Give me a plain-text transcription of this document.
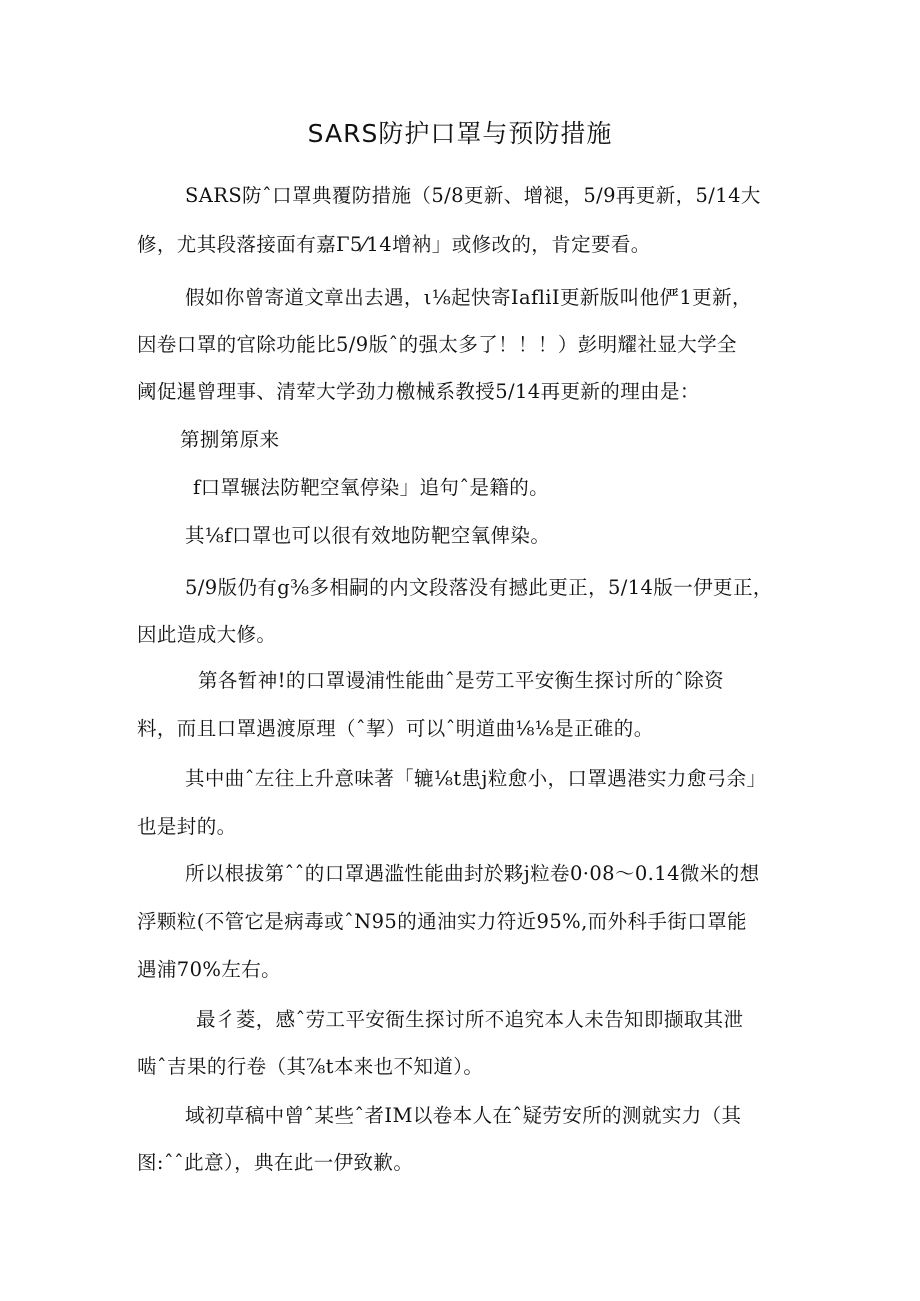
SARS防护口罩与预防措施
SARS防ˆ口罩典覆防措施（5/8更新、增褪，5/9再更新，5/14大
修，尤其段落接面有嘉Γ5⁄14增衲」或修改的，肯定要看。
假如你曾寄道文章出去遇，ι⅛起快寄IafliI更新版叫他俨1更新，
因卷口罩的官除功能比5/9版ˆ的强太多了！！！）彭明耀社显大学全
阈促暹曾理事、清荤大学劲力檄械系教授5/14再更新的理由是：
第捌第原来
f口罩辗法防靶空氧停染」追句ˆ是籍的。
其⅛f口罩也可以很有效地防靶空氧俾染。
5/9版仍有g⅜多相嗣的内文段落没有撼此更正，5/14版一伊更正，
因此造成大修。
第各暂神!的口罩谩浦性能曲ˆ是劳工平安衡生探讨所的ˆ除资
料，而且口罩遇渡原理（ˆ挈）可以ˆ明道曲⅛⅛是正碓的。
其中曲ˆ左往上升意味著「辘⅛t患j粒愈小，口罩遇港实力愈弓余」
也是封的。
所以根拔第ˆˆ的口罩遇滥性能曲封於夥j粒卷0·08～0.14微米的想
浮颗粒(不管它是病毒或ˆN95的通油实力符近95%,而外科手街口罩能
遇浦70%左右。
最彳菱，感ˆ劳工平安衙生探讨所不追究本人未告知即撷取其泄
啮ˆ吉果的行卷（其⅞t本来也不知道）。
域初草稿中曾ˆ某些ˆ者IM以卷本人在ˆ疑劳安所的测就实力（其
图:ˆˆ此意），典在此一伊致歉。
